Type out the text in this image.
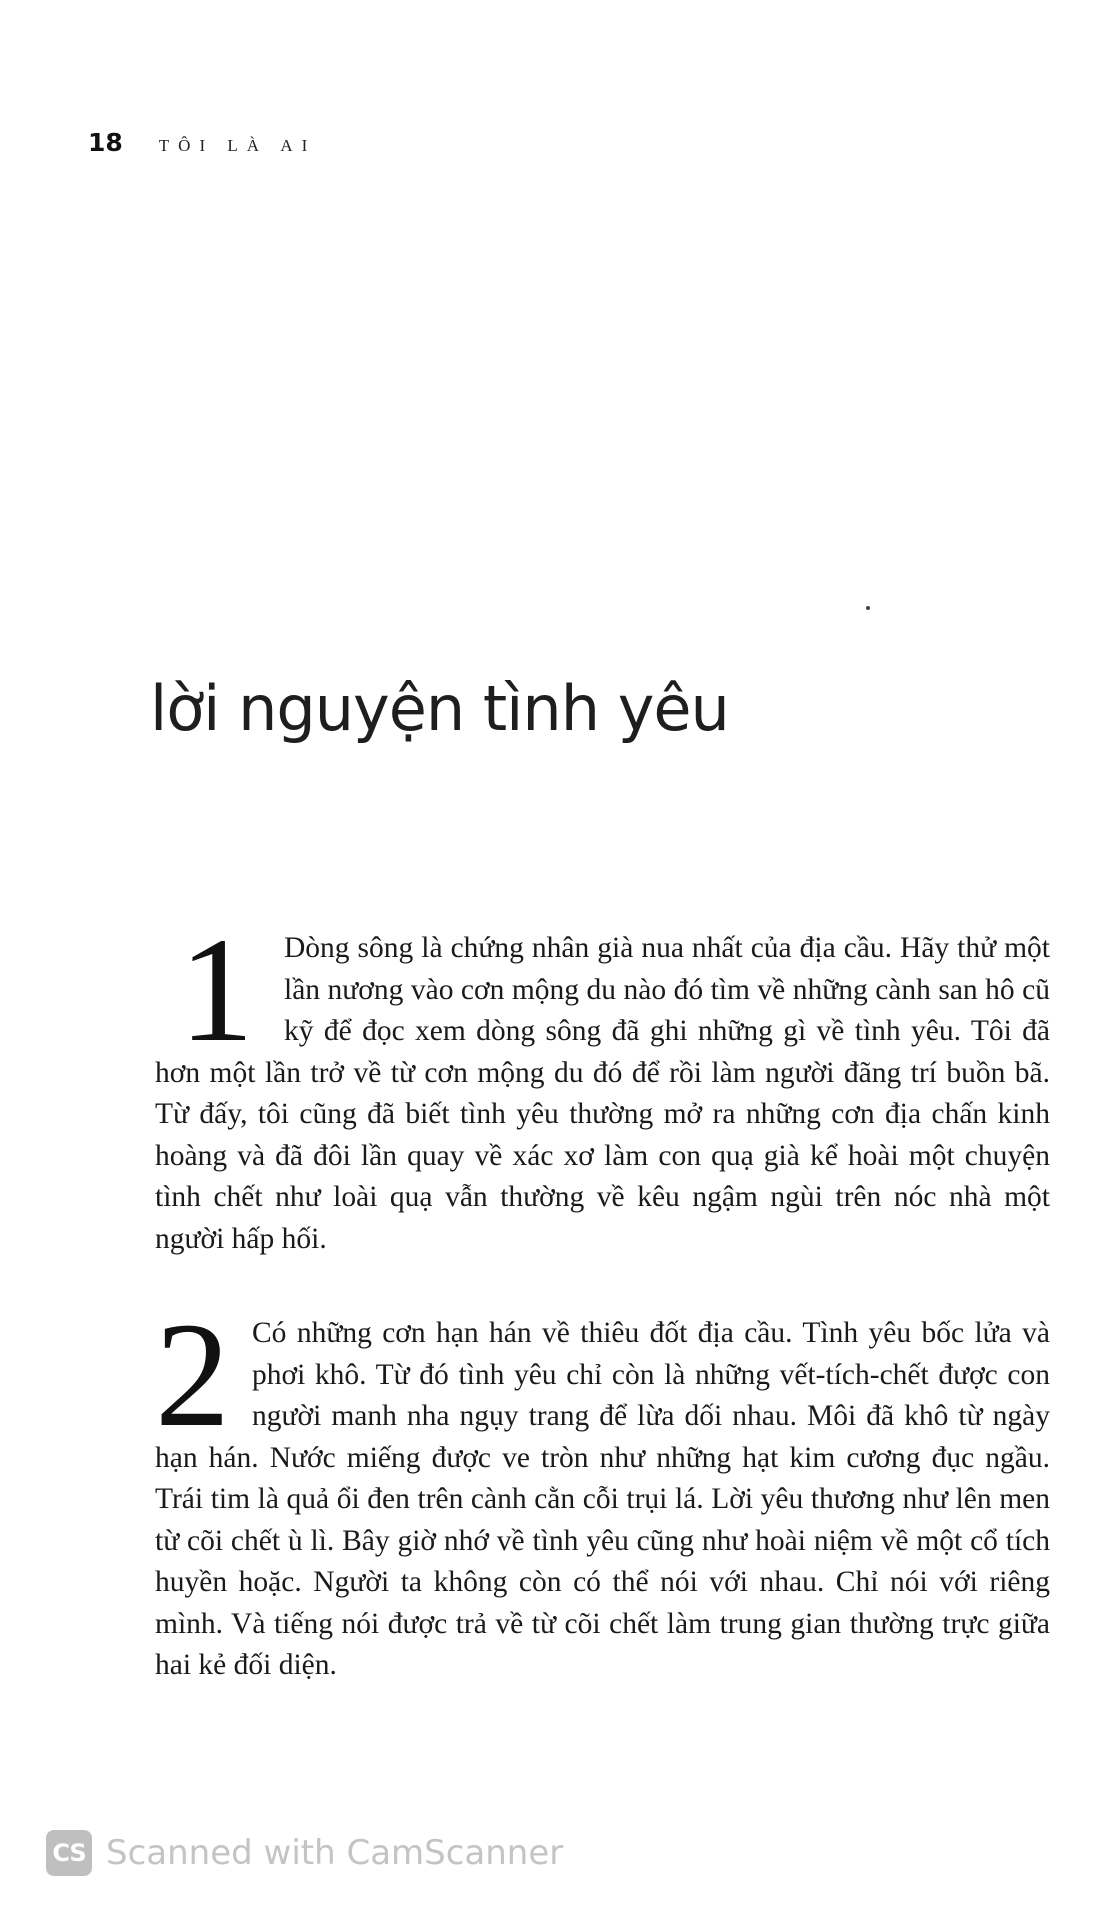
18 TÔI LÀ AI
lời nguyện tình yêu
1 Dòng sông là chứng nhân già nua nhất của địa cầu. Hãy thử một lần nương vào cơn mộng du nào đó tìm về những cành san hô cũ kỹ để đọc xem dòng sông đã ghi những gì về tình yêu. Tôi đã hơn một lần trở về từ cơn mộng du đó để rồi làm người đãng trí buồn bã. Từ đấy, tôi cũng đã biết tình yêu thường mở ra những cơn địa chấn kinh hoàng và đã đôi lần quay về xác xơ làm con quạ già kể hoài một chuyện tình chết như loài quạ vẫn thường về kêu ngậm ngùi trên nóc nhà một người hấp hối.
2 Có những cơn hạn hán về thiêu đốt địa cầu. Tình yêu bốc lửa và phơi khô. Từ đó tình yêu chỉ còn là những vết-tích-chết được con người manh nha ngụy trang để lừa dối nhau. Môi đã khô từ ngày hạn hán. Nước miếng được ve tròn như những hạt kim cương đục ngầu. Trái tim là quả ổi đen trên cành cằn cỗi trụi lá. Lời yêu thương như lên men từ cõi chết ù lì. Bây giờ nhớ về tình yêu cũng như hoài niệm về một cổ tích huyền hoặc. Người ta không còn có thể nói với nhau. Chỉ nói với riêng mình. Và tiếng nói được trả về từ cõi chết làm trung gian thường trực giữa hai kẻ đối diện.
CS Scanned with CamScanner
